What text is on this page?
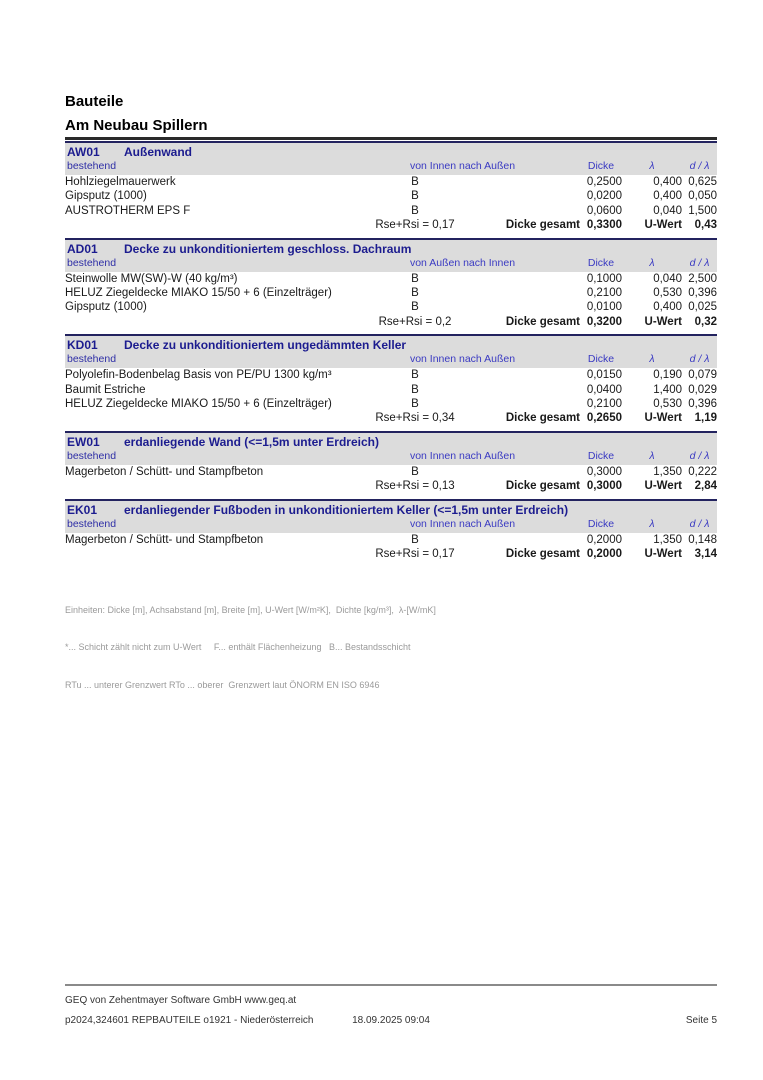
Bauteile
Am Neubau Spillern
AW01 Außenwand
bestehend	von Innen nach Außen	Dicke	λ	d / λ
Hohlziegelmauerwerk	B	0,2500	0,400 0,625
Gipsputz (1000)	B	0,0200	0,400 0,050
AUSTROTHERM EPS F	B	0,0600	0,040 1,500
Rse+Rsi = 0,17	Dicke gesamt 0,3300	U-Wert	0,43
AD01 Decke zu unkonditioniertem geschloss. Dachraum
bestehend	von Außen nach Innen	Dicke	λ	d / λ
Steinwolle MW(SW)-W (40 kg/m³)	B	0,1000	0,040 2,500
HELUZ Ziegeldecke MIAKO 15/50 + 6 (Einzelträger)	B	0,2100	0,530 0,396
Gipsputz (1000)	B	0,0100	0,400 0,025
Rse+Rsi = 0,2	Dicke gesamt 0,3200	U-Wert	0,32
KD01 Decke zu unkonditioniertem ungedämmten Keller
bestehend	von Innen nach Außen	Dicke	λ	d / λ
Polyolefin-Bodenbelag Basis von PE/PU 1300 kg/m³	B	0,0150	0,190 0,079
Baumit Estriche	B	0,0400	1,400 0,029
HELUZ Ziegeldecke MIAKO 15/50 + 6 (Einzelträger)	B	0,2100	0,530 0,396
Rse+Rsi = 0,34	Dicke gesamt 0,2650	U-Wert	1,19
EW01 erdanliegende Wand (<=1,5m unter Erdreich)
bestehend	von Innen nach Außen	Dicke	λ	d / λ
Magerbeton / Schütt- und Stampfbeton	B	0,3000	1,350 0,222
Rse+Rsi = 0,13	Dicke gesamt 0,3000	U-Wert	2,84
EK01 erdanliegender Fußboden in unkonditioniertem Keller (<=1,5m unter Erdreich)
bestehend	von Innen nach Außen	Dicke	λ	d / λ
Magerbeton / Schütt- und Stampfbeton	B	0,2000	1,350 0,148
Rse+Rsi = 0,17	Dicke gesamt 0,2000	U-Wert	3,14

Einheiten: Dicke [m], Achsabstand [m], Breite [m], U-Wert [W/m²K],  Dichte [kg/m³],  λ-[W/mK]

*... Schicht zählt nicht zum U-Wert     F... enthält Flächenheizung   B... Bestandsschicht

RTu ... unterer Grenzwert RTo ... oberer  Grenzwert laut ÖNORM EN ISO 6946

GEQ von Zehentmayer Software GmbH www.geq.at
p2024,324601 REPBAUTEILE o1921 - Niederösterreich	18.09.2025 09:04	Seite 5
